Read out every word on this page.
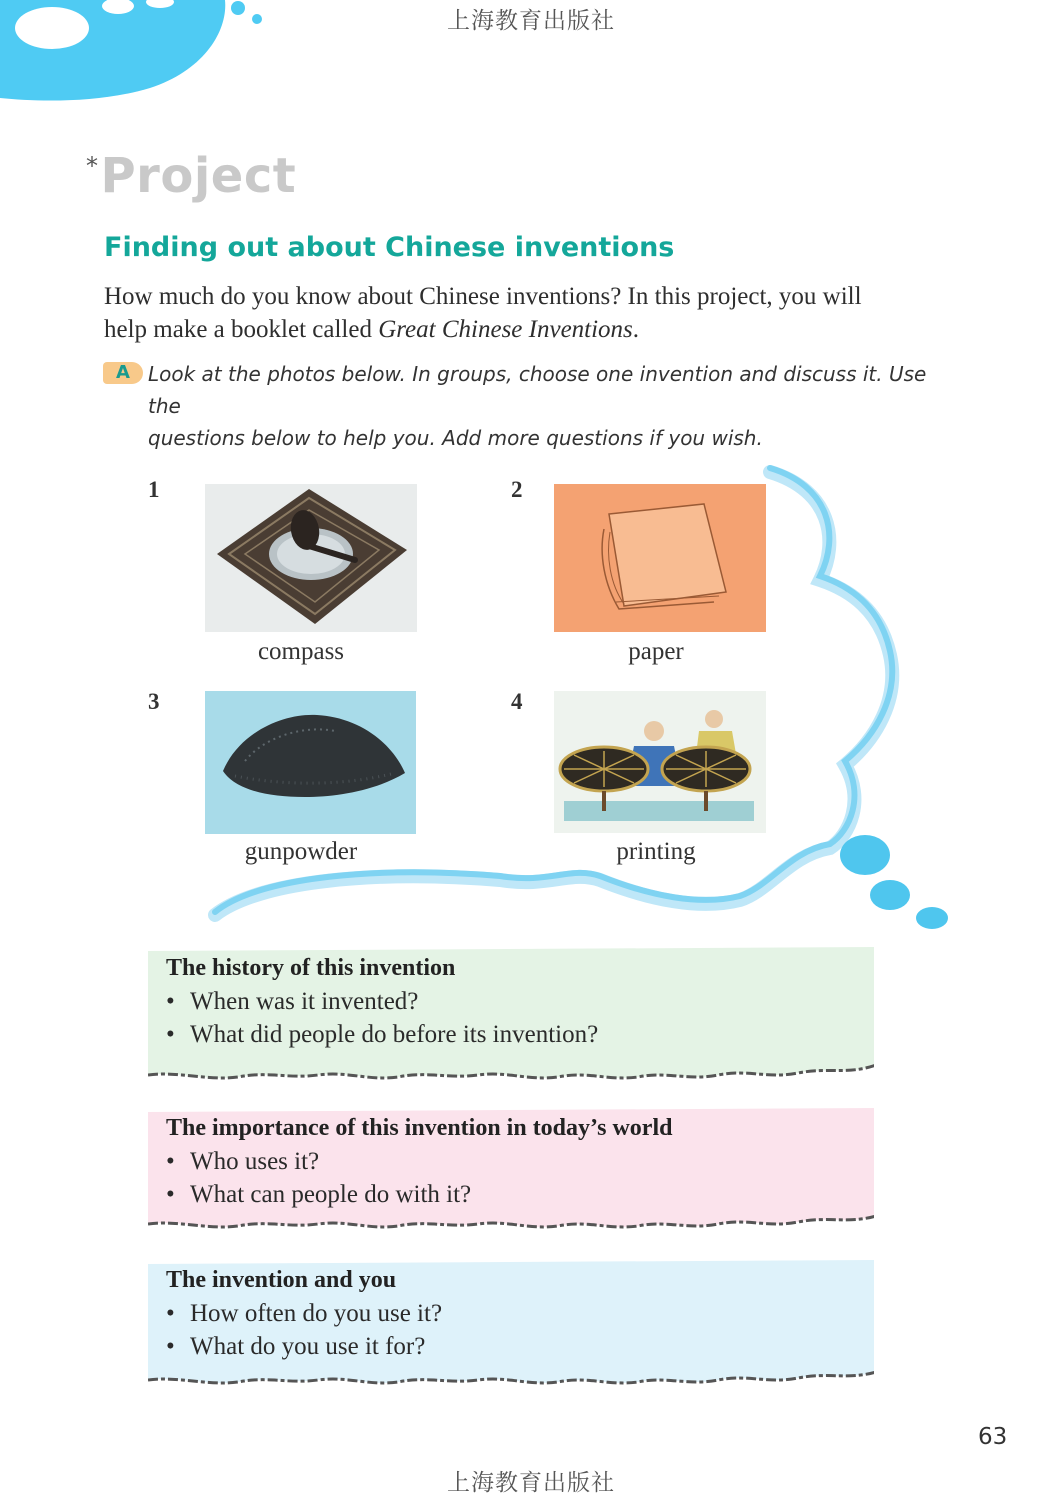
上海教育出版社
*Project
Finding out about Chinese inventions
How much do you know about Chinese inventions? In this project, you will
help make a booklet called Great Chinese Inventions.
A Look at the photos below. In groups, choose one invention and discuss it. Use the
questions below to help you. Add more questions if you wish.
1
compass
2
paper
3
gunpowder
4
printing
The history of this invention
• When was it invented?
• What did people do before its invention?
The importance of this invention in today’s world
• Who uses it?
• What can people do with it?
The invention and you
• How often do you use it?
• What do you use it for?
63
上海教育出版社
